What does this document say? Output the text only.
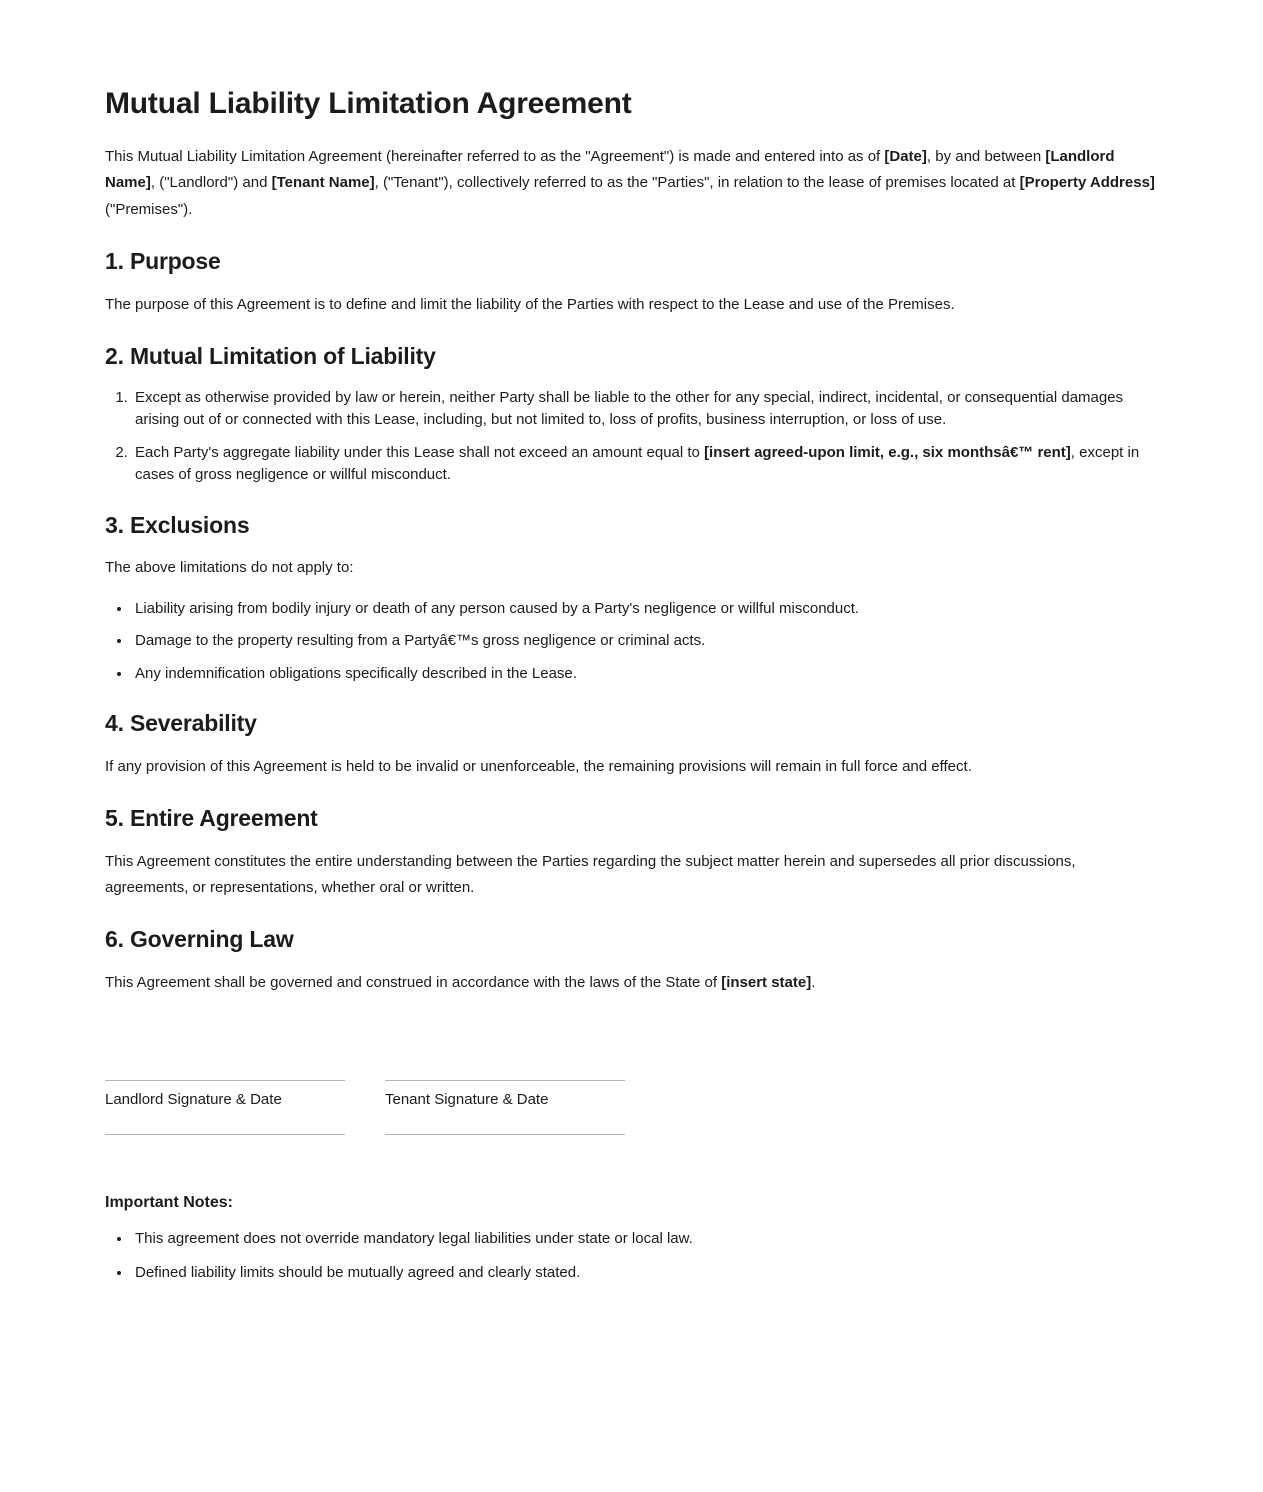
Mutual Liability Limitation Agreement

This Mutual Liability Limitation Agreement (hereinafter referred to as the "Agreement") is made and entered into as of [Date], by and between [Landlord Name], ("Landlord") and [Tenant Name], ("Tenant"), collectively referred to as the "Parties", in relation to the lease of premises located at [Property Address] ("Premises").

1. Purpose

The purpose of this Agreement is to define and limit the liability of the Parties with respect to the Lease and use of the Premises.

2. Mutual Limitation of Liability
1. Except as otherwise provided by law or herein, neither Party shall be liable to the other for any special, indirect, incidental, or consequential damages arising out of or connected with this Lease, including, but not limited to, loss of profits, business interruption, or loss of use.
2. Each Party's aggregate liability under this Lease shall not exceed an amount equal to [insert agreed-upon limit, e.g., six monthsâ€™ rent], except in cases of gross negligence or willful misconduct.
3. Exclusions

The above limitations do not apply to:

• Liability arising from bodily injury or death of any person caused by a Party's negligence or willful misconduct.
• Damage to the property resulting from a Partyâ€™s gross negligence or criminal acts.
• Any indemnification obligations specifically described in the Lease.
4. Severability

If any provision of this Agreement is held to be invalid or unenforceable, the remaining provisions will remain in full force and effect.

5. Entire Agreement

This Agreement constitutes the entire understanding between the Parties regarding the subject matter herein and supersedes all prior discussions, agreements, or representations, whether oral or written.

6. Governing Law

This Agreement shall be governed and construed in accordance with the laws of the State of [insert state].

Landlord Signature & Date	Tenant Signature & Date

Important Notes:

• This agreement does not override mandatory legal liabilities under state or local law.
• Defined liability limits should be mutually agreed and clearly stated.
